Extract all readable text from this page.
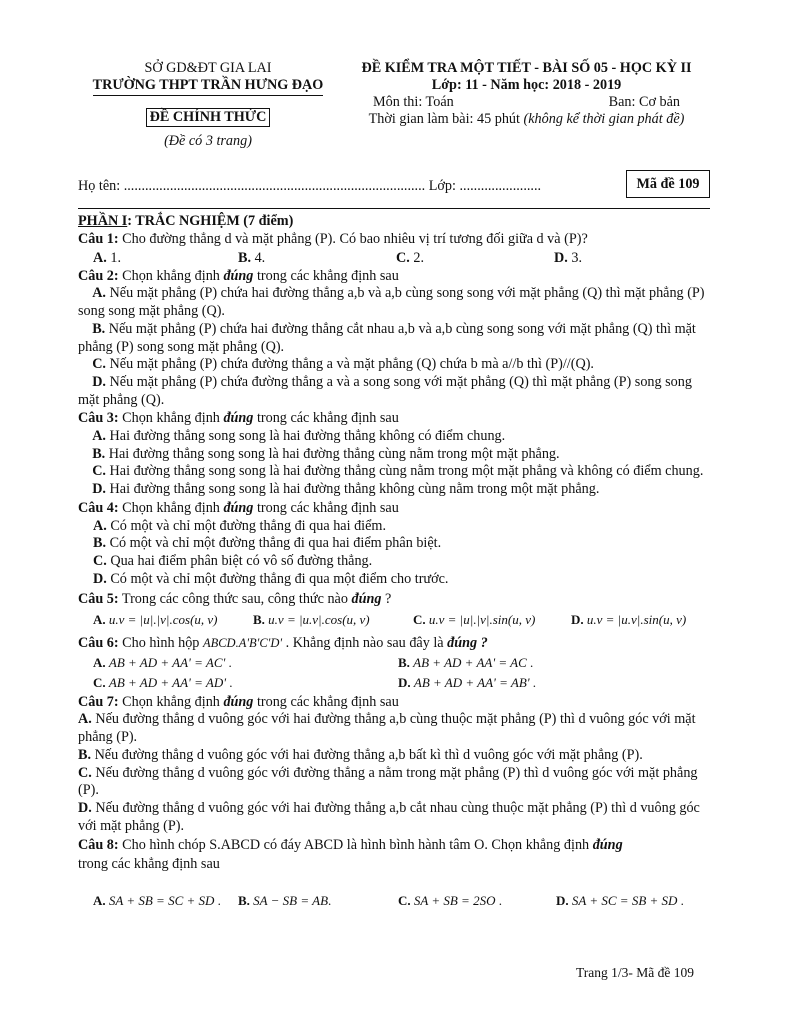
SỞ GD&ĐT GIA LAI
TRƯỜNG THPT TRẦN HƯNG ĐẠO
ĐỀ CHÍNH THỨC
(Đề có 3 trang)
ĐỀ KIỂM TRA MỘT TIẾT - BÀI SỐ 05 - HỌC KỲ II
Lớp: 11 - Năm học: 2018 - 2019
Môn thi: Toán	Ban: Cơ bản
Thời gian làm bài: 45 phút (không kể thời gian phát đề)
Họ tên: ..................................................................................... Lớp: .......................	Mã đề 109
PHẦN I: TRẮC NGHIỆM (7 điểm)
Câu 1: Cho đường thẳng d và mặt phẳng (P). Có bao nhiêu vị trí tương đối giữa d và (P)?
A. 1.	B. 4.	C. 2.	D. 3.
Câu 2: Chọn khẳng định đúng trong các khẳng định sau
A. Nếu mặt phẳng (P) chứa hai đường thẳng a,b và a,b cùng song song với mặt phẳng (Q) thì mặt phẳng (P) song song mặt phẳng (Q).
B. Nếu mặt phẳng (P) chứa hai đường thẳng cắt nhau a,b và a,b cùng song song với mặt phẳng (Q) thì mặt phẳng (P) song song mặt phẳng (Q).
C. Nếu mặt phẳng (P) chứa đường thẳng a và mặt phẳng (Q) chứa b mà a//b thì (P)//(Q).
D. Nếu mặt phẳng (P) chứa đường thẳng a và a song song với mặt phẳng (Q) thì mặt phẳng (P) song song mặt phẳng (Q).
Câu 3: Chọn khẳng định đúng trong các khẳng định sau
A. Hai đường thẳng song song là hai đường thẳng không có điểm chung.
B. Hai đường thẳng song song là hai đường thẳng cùng nằm trong một mặt phẳng.
C. Hai đường thẳng song song là hai đường thẳng cùng nằm trong một mặt phẳng và không có điểm chung.
D. Hai đường thẳng song song là hai đường thẳng không cùng nằm trong một mặt phẳng.
Câu 4: Chọn khẳng định đúng trong các khẳng định sau
A. Có một và chỉ một đường thẳng đi qua hai điểm.
B. Có một và chỉ một đường thẳng đi qua hai điểm phân biệt.
C. Qua hai điểm phân biệt có vô số đường thẳng.
D. Có một và chỉ một đường thẳng đi qua một điểm cho trước.
Câu 5: Trong các công thức sau, công thức nào đúng ?
A. u.v = |u|.|v|.cos(u, v)	B. u.v = |u.v|.cos(u, v)	C. u.v = |u|.|v|.sin(u, v)	D. u.v = |u.v|.sin(u, v)
Câu 6: Cho hình hộp ABCD.A'B'C'D' . Khẳng định nào sau đây là đúng ?
A. AB + AD + AA' = AC' .	B. AB + AD + AA' = AC .
C. AB + AD + AA' = AD' .	D. AB + AD + AA' = AB' .
Câu 7: Chọn khẳng định đúng trong các khẳng định sau
A. Nếu đường thẳng d vuông góc với hai đường thẳng a,b cùng thuộc mặt phẳng (P) thì d vuông góc với mặt phẳng (P).
B. Nếu đường thẳng d vuông góc với hai đường thẳng a,b bất kì thì d vuông góc với mặt phẳng (P).
C. Nếu đường thẳng d vuông góc với đường thẳng a nằm trong mặt phẳng (P) thì d vuông góc với mặt phẳng (P).
D. Nếu đường thẳng d vuông góc với hai đường thẳng a,b cắt nhau cùng thuộc mặt phẳng (P) thì d vuông góc với mặt phẳng (P).
Câu 8: Cho hình chóp S.ABCD có đáy ABCD là hình bình hành tâm O. Chọn khẳng định đúng
trong các khẳng định sau
A. SA + SB = SC + SD .	B. SA − SB = AB.	C. SA + SB = 2SO .	D. SA + SC = SB + SD .
Trang 1/3- Mã đề 109
